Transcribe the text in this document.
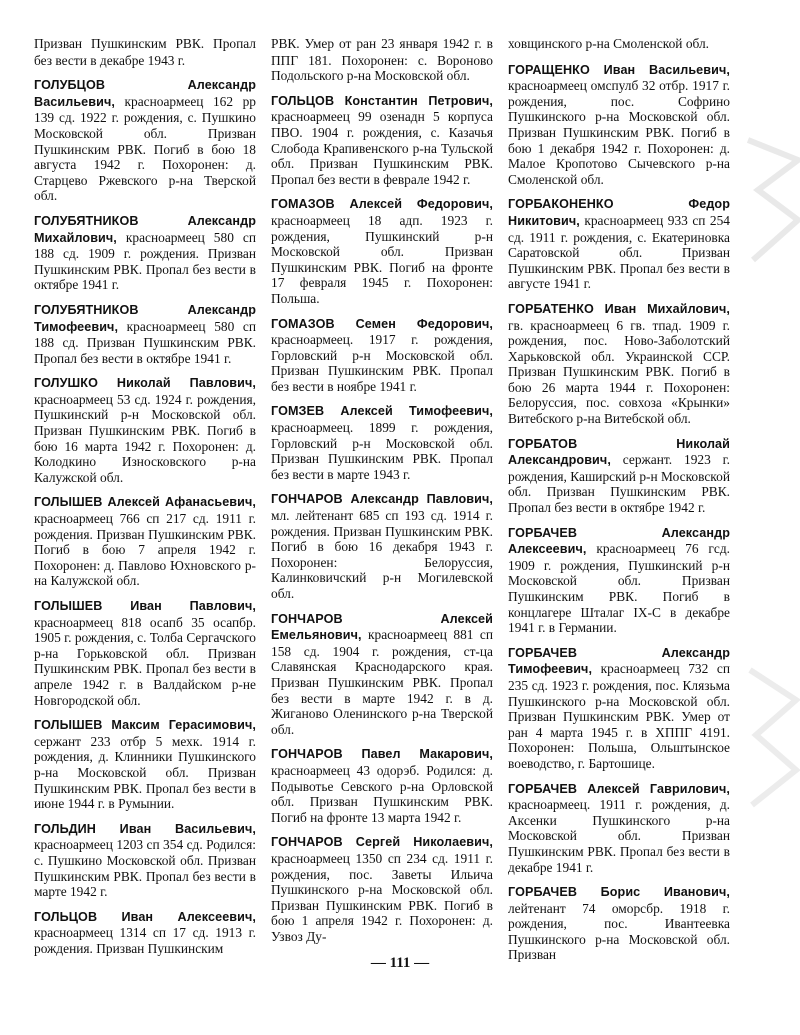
Призван Пушкинским РВК. Пропал без вести в декабре 1943 г.

ГОЛУБЦОВ Александр Васильевич, красноармеец 162 рр 139 сд. 1922 г. рождения, с. Пушкино Московской обл. Призван Пушкинским РВК. Погиб в бою 18 августа 1942 г. Похоронен: д. Старцево Ржевского р-на Тверской обл.

ГОЛУБЯТНИКОВ Александр Михайлович, красноармеец 580 сп 188 сд. 1909 г. рождения. Призван Пушкинским РВК. Пропал без вести в октябре 1941 г.

ГОЛУБЯТНИКОВ Александр Тимофеевич, красноармеец 580 сп 188 сд. Призван Пушкинским РВК. Пропал без вести в октябре 1941 г.

ГОЛУШКО Николай Павлович, красноармеец 53 сд. 1924 г. рождения, Пушкинский р-н Московской обл. Призван Пушкинским РВК. Погиб в бою 16 марта 1942 г. Похоронен: д. Колодкино Износковского р-на Калужской обл.

ГОЛЫШЕВ Алексей Афанасьевич, красноармеец 766 сп 217 сд. 1911 г. рождения. Призван Пушкинским РВК. Погиб в бою 7 апреля 1942 г. Похоронен: д. Павлово Юхновского р-на Калужской обл.

ГОЛЫШЕВ Иван Павлович, красноармеец 818 осапб 35 осапбр. 1905 г. рождения, с. Толба Сергачского р-на Горьковской обл. Призван Пушкинским РВК. Пропал без вести в апреле 1942 г. в Валдайском р-не Новгородской обл.

ГОЛЫШЕВ Максим Герасимович, сержант 233 отбр 5 мехк. 1914 г. рождения, д. Клинники Пушкинского р-на Московской обл. Призван Пушкинским РВК. Пропал без вести в июне 1944 г. в Румынии.

ГОЛЬДИН Иван Васильевич, красноармеец 1203 сп 354 сд. Родился: с. Пушкино Московской обл. Призван Пушкинским РВК. Пропал без вести в марте 1942 г.

ГОЛЬЦОВ Иван Алексеевич, красноармеец 1314 сп 17 сд. 1913 г. рождения. Призван Пушкинским

РВК. Умер от ран 23 января 1942 г. в ППГ 181. Похоронен: с. Вороново Подольского р-на Московской обл.

ГОЛЬЦОВ Константин Петрович, красноармеец 99 озенадн 5 корпуса ПВО. 1904 г. рождения, с. Казачья Слобода Крапивенского р-на Тульской обл. Призван Пушкинским РВК. Пропал без вести в феврале 1942 г.

ГОМАЗОВ Алексей Федорович, красноармеец 18 адп. 1923 г. рождения, Пушкинский р-н Московской обл. Призван Пушкинским РВК. Погиб на фронте 17 февраля 1945 г. Похоронен: Польша.

ГОМАЗОВ Семен Федорович, красноармеец. 1917 г. рождения, Горловский р-н Московской обл. Призван Пушкинским РВК. Пропал без вести в ноябре 1941 г.

ГОМЗЕВ Алексей Тимофеевич, красноармеец. 1899 г. рождения, Горловский р-н Московской обл. Призван Пушкинским РВК. Пропал без вести в марте 1943 г.

ГОНЧАРОВ Александр Павлович, мл. лейтенант 685 сп 193 сд. 1914 г. рождения. Призван Пушкинским РВК. Погиб в бою 16 декабря 1943 г. Похоронен: Белоруссия, Калинковичский р-н Могилевской обл.

ГОНЧАРОВ Алексей Емельянович, красноармеец 881 сп 158 сд. 1904 г. рождения, ст-ца Славянская Краснодарского края. Призван Пушкинским РВК. Пропал без вести в марте 1942 г. в д. Жиганово Оленинского р-на Тверской обл.

ГОНЧАРОВ Павел Макарович, красноармеец 43 одорэб. Родился: д. Подывотье Севского р-на Орловской обл. Призван Пушкинским РВК. Погиб на фронте 13 марта 1942 г.

ГОНЧАРОВ Сергей Николаевич, красноармеец 1350 сп 234 сд. 1911 г. рождения, пос. Заветы Ильича Пушкинского р-на Московской обл. Призван Пушкинским РВК. Погиб в бою 1 апреля 1942 г. Похоронен: д. Узвоз Ду-

ховщинского р-на Смоленской обл.

ГОРАЩЕНКО Иван Васильевич, красноармеец омспулб 32 отбр. 1917 г. рождения, пос. Софрино Пушкинского р-на Московской обл. Призван Пушкинским РВК. Погиб в бою 1 декабря 1942 г. Похоронен: д. Малое Кропотово Сычевского р-на Смоленской обл.

ГОРБАКОНЕНКО Федор Никитович, красноармеец 933 сп 254 сд. 1911 г. рождения, с. Екатериновка Саратовской обл. Призван Пушкинским РВК. Пропал без вести в августе 1941 г.

ГОРБАТЕНКО Иван Михайлович, гв. красноармеец 6 гв. тпад. 1909 г. рождения, пос. Ново-Заболотский Харьковской обл. Украинской ССР. Призван Пушкинским РВК. Погиб в бою 26 марта 1944 г. Похоронен: Белоруссия, пос. совхоза «Крынки» Витебского р-на Витебской обл.

ГОРБАТОВ Николай Александрович, сержант. 1923 г. рождения, Каширский р-н Московской обл. Призван Пушкинским РВК. Пропал без вести в октябре 1942 г.

ГОРБАЧЕВ Александр Алексеевич, красноармеец 76 гсд. 1909 г. рождения, Пушкинский р-н Московской обл. Призван Пушкинским РВК. Погиб в концлагере Шталаг IX-С в декабре 1941 г. в Германии.

ГОРБАЧЕВ Александр Тимофеевич, красноармеец 732 сп 235 сд. 1923 г. рождения, пос. Клязьма Пушкинского р-на Московской обл. Призван Пушкинским РВК. Умер от ран 4 марта 1945 г. в ХППГ 4191. Похоронен: Польша, Ольштынское воеводство, г. Бартошице.

ГОРБАЧЕВ Алексей Гаврилович, красноармеец. 1911 г. рождения, д. Аксенки Пушкинского р-на Московской обл. Призван Пушкинским РВК. Пропал без вести в декабре 1941 г.

ГОРБАЧЕВ Борис Иванович, лейтенант 74 оморсбр. 1918 г. рождения, пос. Ивантеевка Пушкинского р-на Московской обл. Призван

— 111 —
